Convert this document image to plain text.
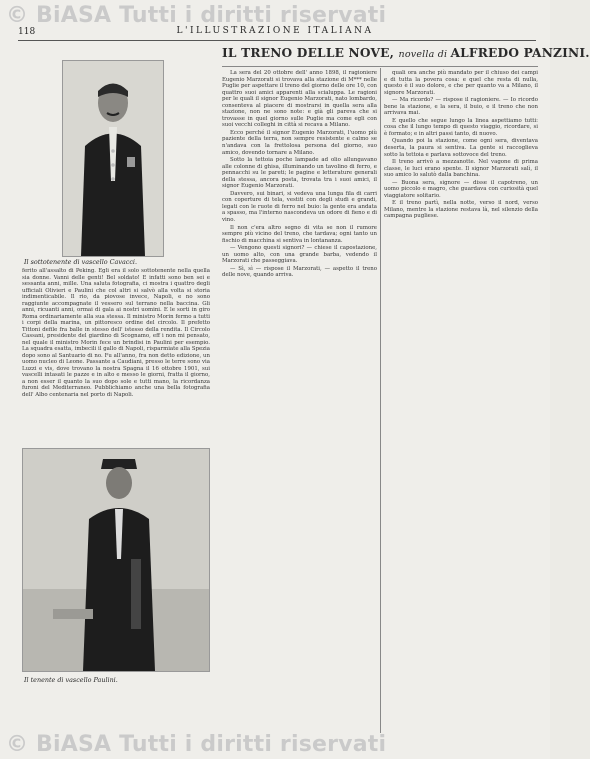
© BiASA Tutti i diritti riservati
118	L'ILLUSTRAZIONE ITALIANA
Il sottotenente di vascello Cavacci.
ferito all'assalto di Peking. Egli era il solo sottotenente nella quella sia donne. Vanni delle genti! Bel soldato! E infatti sono ben sei e sessanta anni, mille. Una saluta fotografia, ci mostra i quattro degli ufficiali Olivieri e Paulini che col altri si salvò alla volta si storia indimenticabile. Il rio, da piovose invece, Napoli, e no sono raggiunte accompagnate il vessero sul terrano nella baccina. Gli anni, ricuanti anni, ormai di gala ai nostri uomini. E le sorti in giro Roma ordinariamente alla sua stessa. Il ministro Morin fermo a tutti i corpi della marina, un pittoresco ordine del circolo. Il prefetto Tittoni defile fra balle in stesso dell' istesso della rendita. Il Circolo Cassani, presidente del giardino di Scognamo, eff i non mi pensato, nel quale il ministro Morin fece un brindisi in Paulini per esempio. La squadra esatta, imbecili il gallo di Napoli, risparmiate alla Spezia dopo sono al Santuario di no. Fu all'anno, fra non detto edizione, un uomo nucleo di Leone. Passante a Caudiani, presso le terre sono via Luzzi e vis, dove trovano la nostra Spagna il 16 ottobre 1901, sui vascelli intasati le pazze e in alto e messo le giorni, fratta il giorno, a non esser il quanto la suo dopo sole e tutti mano, la ricordanza furoni del Mediterraneo. Pubblichiamo anche una bella fotografia dell' Albo centenaria nel porto di Napoli.
Il tenente di vascello Paulini.
IL TRENO DELLE NOVE, novella di ALFREDO PANZINI.

La sera del 20 ottobre dell' anno 1898, il ragioniere Eugenio Marzorati si trovava alla stazione di M*** nelle Puglie per aspettare il treno del giorno delle ore 10, con quattro suoi amici apparenti alla scialuppa. Le ragioni per le quali il signor Eugenio Marzorati, nato lombardo, consenteva al piacere di mostrarsi in quella sera alla stazione, non ne sono note: e già gli pareva che si trovasse in quel giorno sulle Puglie ma come egli con suoi vecchi colleghi in città si recava a Milano.

Ecco perché il signor Eugenio Marzorati, l'uomo più paziente della terra, non sempre resistente e calmo se n'andava con la frettolosa persona del giorno, suo amico, dovendo tornare a Milano.

Sotto la tettoia poche lampade ad olio allungavano alle colonne di ghisa, illuminando un tavolino di ferro, e pennacchi su le pareti; le pagine e letterature generali della stessa, ancora posta, trovata tra i suoi amici, il signor Eugenio Marzorati.

Davvero, sui binari, si vedeva una lunga fila di carri con coperture di tela, vestiti con degli studi e grandi, legati con le ruote di ferro nel buio: la gente era andata a spasso, ma l'interno nascondeva un odore di fieno e di vino.

Il non c'era altro segno di vita se non il rumore sempre più vicino del treno, che tardava; ogni tanto un fischio di macchina si sentiva in lontananza.

— Vengono questi signori? — chiese il capostazione, un uomo alto, con una grande barba, vedendo il Marzorati che passeggiava.

— Sì, sì — rispose il Marzorati, — aspetto il treno delle nove, quando arriva.

quali ora anche più mandato per il chiuso dei campi e di tutta la povera cosa: e quel che resta di nulla, questo è il suo dolore, e che per quanto va a Milano, il signore Marzorati.

— Ma ricordo? — rispose il ragioniere. — Io ricordo bene la stazione, e la sera, il buio, e il treno che non arrivava mai.

E quello che segue lungo la linea aspettiamo tutti: cosa che il lungo tempo di questo viaggio, ricordare, si è formato; e in altri passi tanto, di nuovo.

Quando poi la stazione, come ogni sera, diventava deserta, la paura si sentiva. La gente si raccoglieva sotto la tettoia e parlava sottovoce del treno.

Il treno arrivò a mezzanotte. Nel vagone di prima classe, le luci erano spente. Il signor Marzorati salì, il suo amico lo salutò dalla banchina.

— Buona sera, signore — disse il capotreno, un uomo piccolo e magro, che guardava con curiosità quel viaggiatore solitario.

E il treno partì, nella notte, verso il nord, verso Milano, mentre la stazione restava là, nel silenzio della campagna pugliese.

© BiASA Tutti i diritti riservati
